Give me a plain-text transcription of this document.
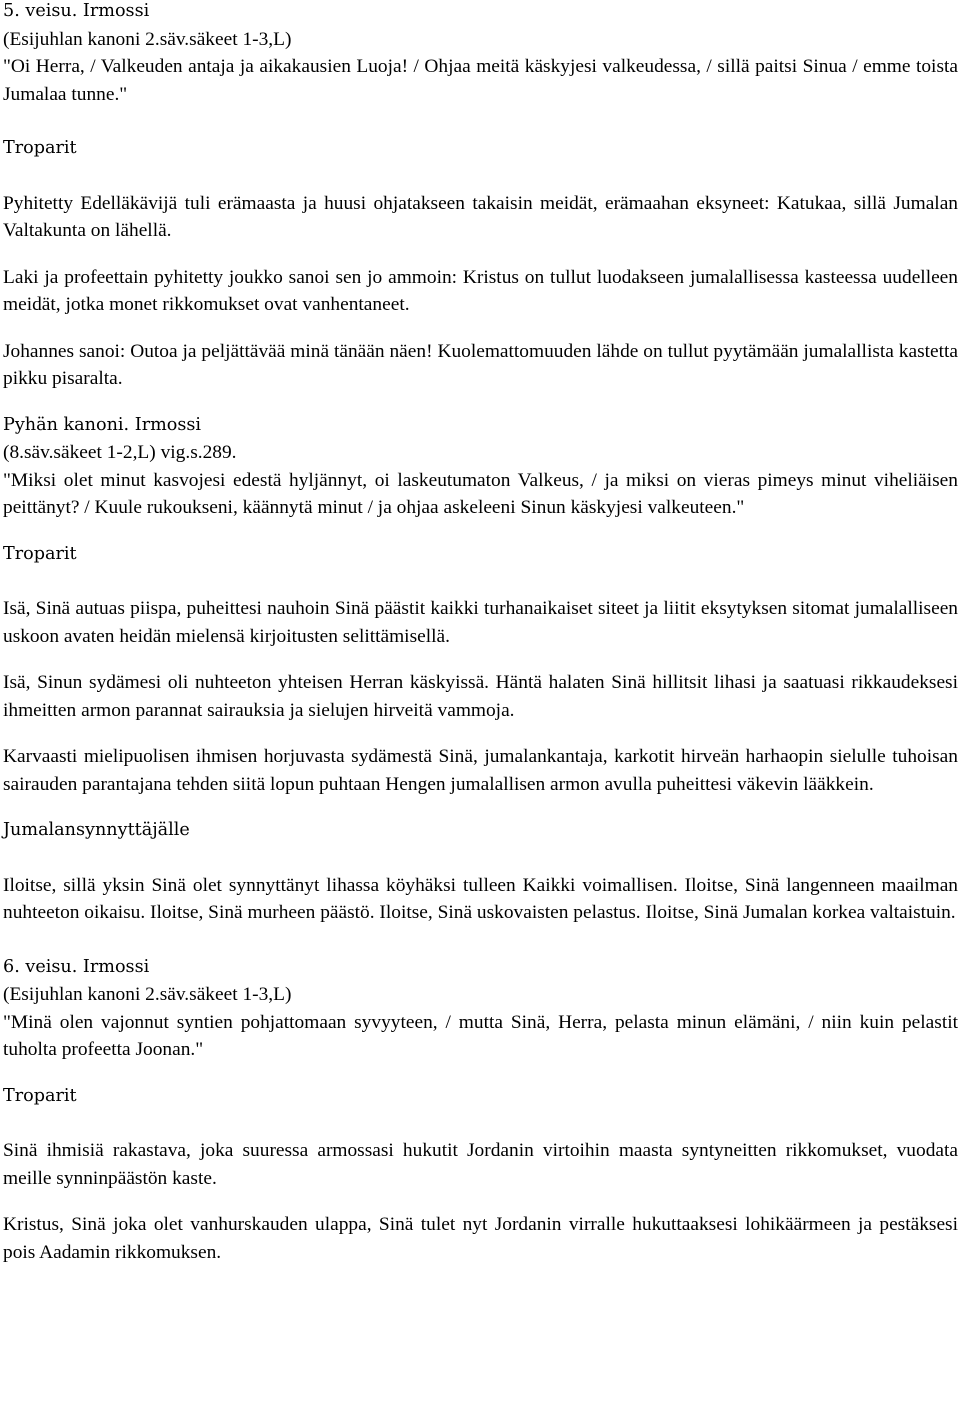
5. veisu. Irmossi
(Esijuhlan kanoni 2.säv.säkeet 1-3,L)
"Oi Herra, / Valkeuden antaja ja aikakausien Luoja! / Ohjaa meitä käskyjesi valkeudessa, / sillä paitsi Sinua / emme toista Jumalaa tunne."
Troparit
Pyhitetty Edelläkävijä tuli erämaasta ja huusi ohjatakseen takaisin meidät, erämaahan eksyneet: Katukaa, sillä Jumalan Valtakunta on lähellä.
Laki ja profeettain pyhitetty joukko sanoi sen jo ammoin: Kristus on tullut luodakseen jumalallisessa kasteessa uudelleen meidät, jotka monet rikkomukset ovat vanhentaneet.
Johannes sanoi: Outoa ja peljättävää minä tänään näen! Kuolemattomuuden lähde on tullut pyytämään jumalallista kastetta pikku pisaralta.
Pyhän kanoni. Irmossi
(8.säv.säkeet 1-2,L) vig.s.289.
"Miksi olet minut kasvojesi edestä hyljännyt, oi laskeutumaton Valkeus, / ja miksi on vieras pimeys minut viheliäisen peittänyt? / Kuule rukoukseni, käännytä minut / ja ohjaa askeleeni Sinun käskyjesi valkeuteen."
Troparit
Isä, Sinä autuas piispa, puheittesi nauhoin Sinä päästit kaikki turhanaikaiset siteet ja liitit eksytyksen sitomat jumalalliseen uskoon avaten heidän mielensä kirjoitusten selittämisellä.
Isä, Sinun sydämesi oli nuhteeton yhteisen Herran käskyissä. Häntä halaten Sinä hillitsit lihasi ja saatuasi rikkaudeksesi ihmeitten armon parannat sairauksia ja sielujen hirveitä vammoja.
Karvaasti mielipuolisen ihmisen horjuvasta sydämestä Sinä, jumalankantaja, karkotit hirveän harhaopin sielulle tuhoisan sairauden parantajana tehden siitä lopun puhtaan Hengen jumalallisen armon avulla puheittesi väkevin lääkkein.
Jumalansynnyttäjälle
Iloitse, sillä yksin Sinä olet synnyttänyt lihassa köyhäksi tulleen Kaikki voimallisen. Iloitse, Sinä langenneen maailman nuhteeton oikaisu. Iloitse, Sinä murheen päästö. Iloitse, Sinä uskovaisten pelastus. Iloitse, Sinä Jumalan korkea valtaistuin.
6. veisu. Irmossi
(Esijuhlan kanoni 2.säv.säkeet 1-3,L)
"Minä olen vajonnut syntien pohjattomaan syvyyteen, / mutta Sinä, Herra, pelasta minun elämäni, / niin kuin pelastit tuholta profeetta Joonan."
Troparit
Sinä ihmisiä rakastava, joka suuressa armossasi hukutit Jordanin virtoihin maasta syntyneitten rikkomukset, vuodata meille synninpäästön kaste.
Kristus, Sinä joka olet vanhurskauden ulappa, Sinä tulet nyt Jordanin virralle hukuttaaksesi lohikäärmeen ja pestäksesi pois Aadamin rikkomuksen.
